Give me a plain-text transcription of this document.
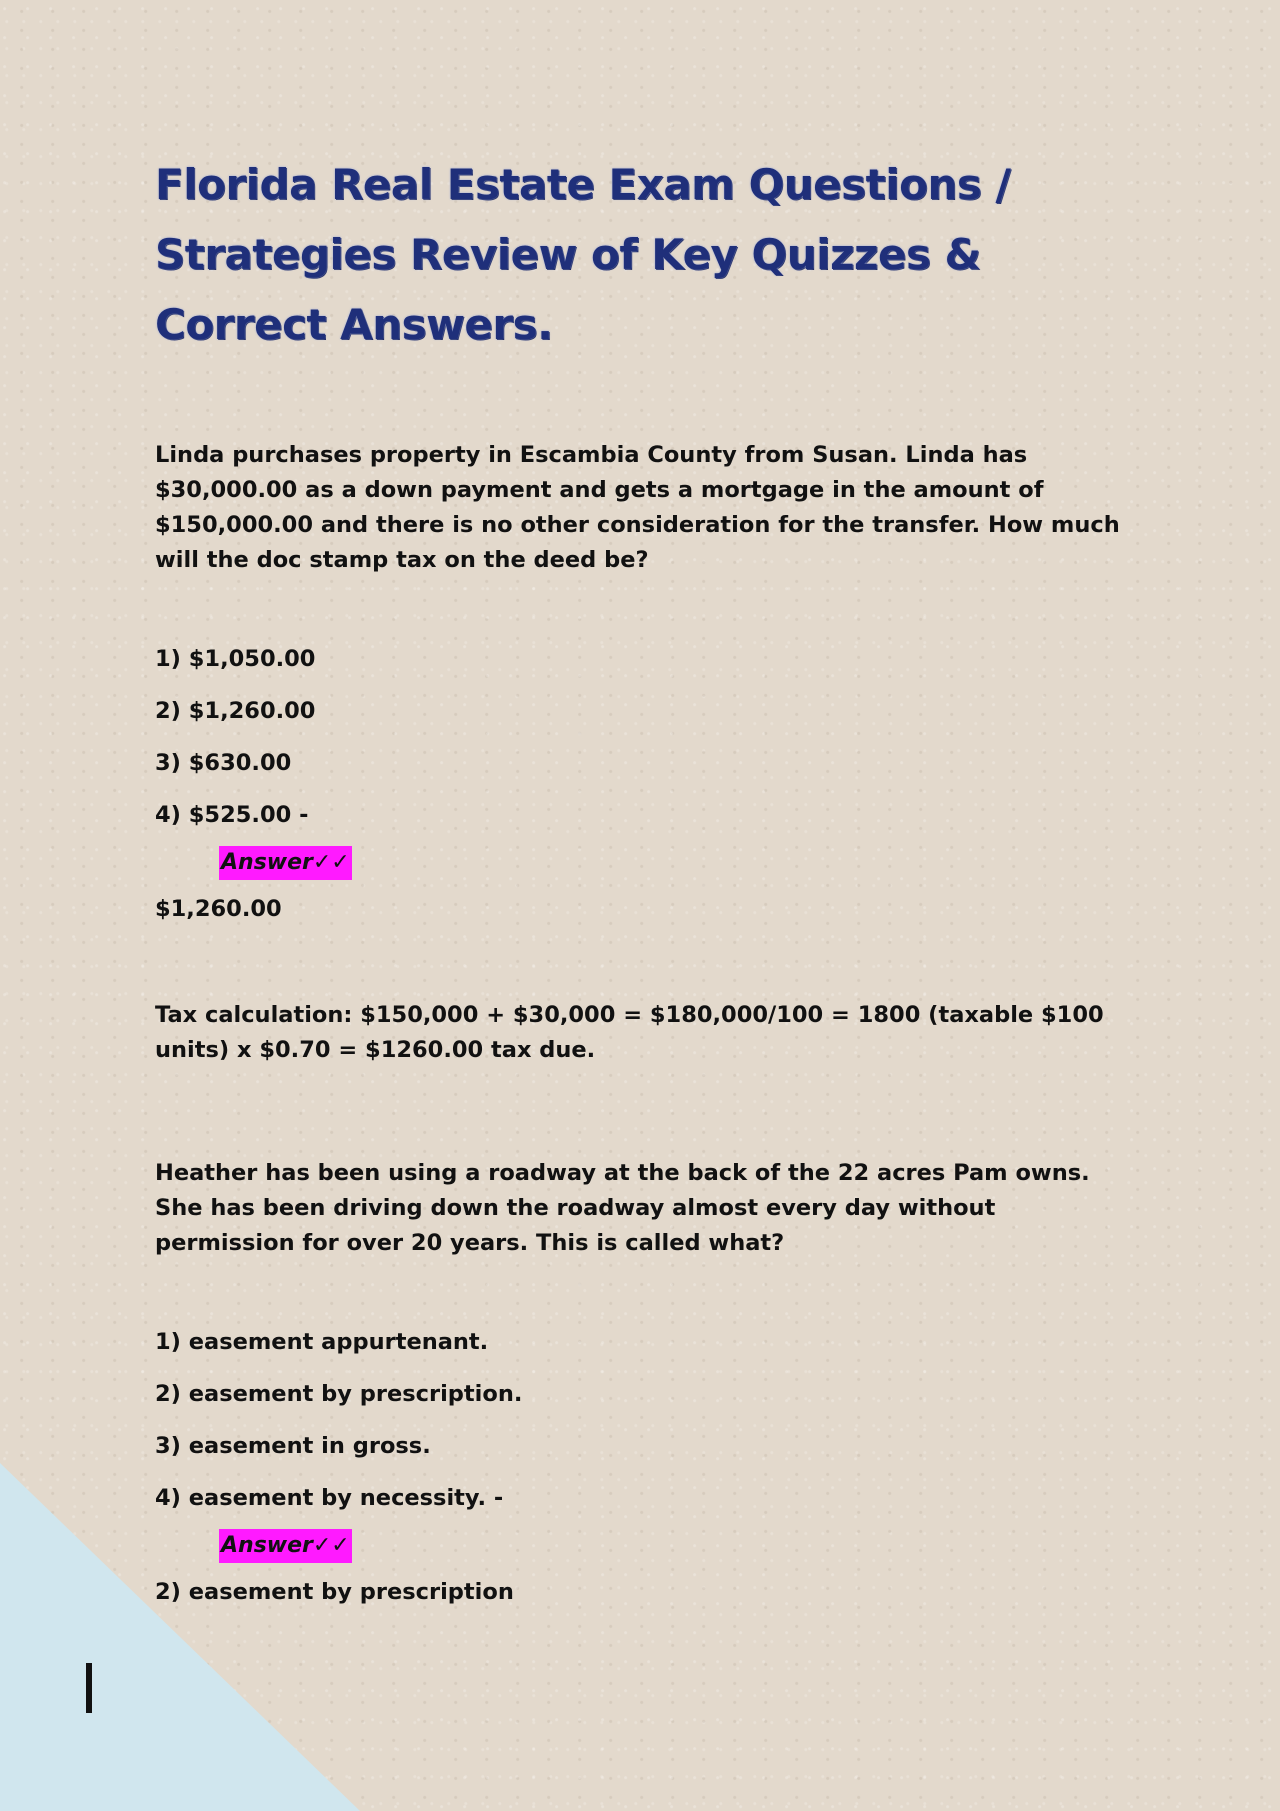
Florida Real Estate Exam Questions /
Strategies Review of Key Quizzes &
Correct Answers.

Linda purchases property in Escambia County from Susan. Linda has $30,000.00 as a down payment and gets a mortgage in the amount of $150,000.00 and there is no other consideration for the transfer. How much will the doc stamp tax on the deed be?

1) $1,050.00
2) $1,260.00
3) $630.00
4) $525.00 -
Answer✓✓
$1,260.00
Tax calculation: $150,000 + $30,000 = $180,000/100 = 1800 (taxable $100 units) x $0.70 = $1260.00 tax due.

Heather has been using a roadway at the back of the 22 acres Pam owns. She has been driving down the roadway almost every day without permission for over 20 years. This is called what?

1) easement appurtenant.
2) easement by prescription.
3) easement in gross.
4) easement by necessity. -
Answer✓✓
2) easement by prescription
